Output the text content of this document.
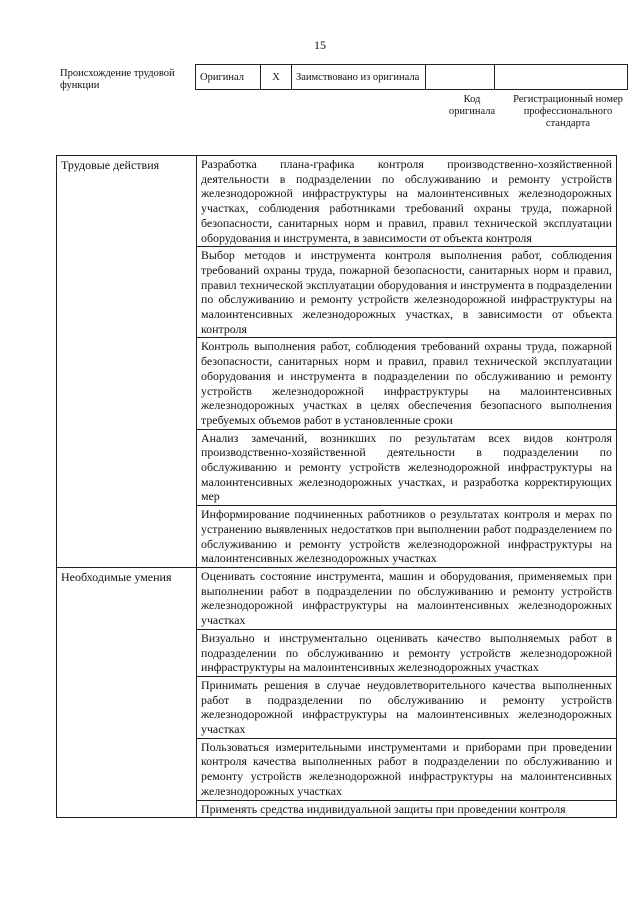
15
Происхождение трудовой функции
Оригинал	X	Заимствовано из оригинала		
Код оригинала
Регистрационный номер профессионального стандарта
Трудовые действия	Разработка плана-графика контроля производственно-хозяйственной деятельности в подразделении по обслуживанию и ремонту устройств железнодорожной инфраструктуры на малоинтенсивных железнодорожных участках, соблюдения работниками требований охраны труда, пожарной безопасности, санитарных норм и правил, правил технической эксплуатации оборудования и инструмента, в зависимости от объекта контроля
	Выбор методов и инструмента контроля выполнения работ, соблюдения требований охраны труда, пожарной безопасности, санитарных норм и правил, правил технической эксплуатации оборудования и инструмента в подразделении по обслуживанию и ремонту устройств железнодорожной инфраструктуры на малоинтенсивных железнодорожных участках, в зависимости от объекта контроля
	Контроль выполнения работ, соблюдения требований охраны труда, пожарной безопасности, санитарных норм и правил, правил технической эксплуатации оборудования и инструмента в подразделении по обслуживанию и ремонту устройств железнодорожной инфраструктуры на малоинтенсивных железнодорожных участках в целях обеспечения безопасного выполнения требуемых объемов работ в установленные сроки
	Анализ замечаний, возникших по результатам всех видов контроля производственно-хозяйственной деятельности в подразделении по обслуживанию и ремонту устройств железнодорожной инфраструктуры на малоинтенсивных железнодорожных участках, и разработка корректирующих мер
	Информирование подчиненных работников о результатах контроля и мерах по устранению выявленных недостатков при выполнении работ подразделением по обслуживанию и ремонту устройств железнодорожной инфраструктуры на малоинтенсивных железнодорожных участках
Необходимые умения	Оценивать состояние инструмента, машин и оборудования, применяемых при выполнении работ в подразделении по обслуживанию и ремонту устройств железнодорожной инфраструктуры на малоинтенсивных железнодорожных участках
	Визуально и инструментально оценивать качество выполняемых работ в подразделении по обслуживанию и ремонту устройств железнодорожной инфраструктуры на малоинтенсивных железнодорожных участках
	Принимать решения в случае неудовлетворительного качества выполненных работ в подразделении по обслуживанию и ремонту устройств железнодорожной инфраструктуры на малоинтенсивных железнодорожных участках
	Пользоваться измерительными инструментами и приборами при проведении контроля качества выполненных работ в подразделении по обслуживанию и ремонту устройств железнодорожной инфраструктуры на малоинтенсивных железнодорожных участках
	Применять средства индивидуальной защиты при проведении контроля
